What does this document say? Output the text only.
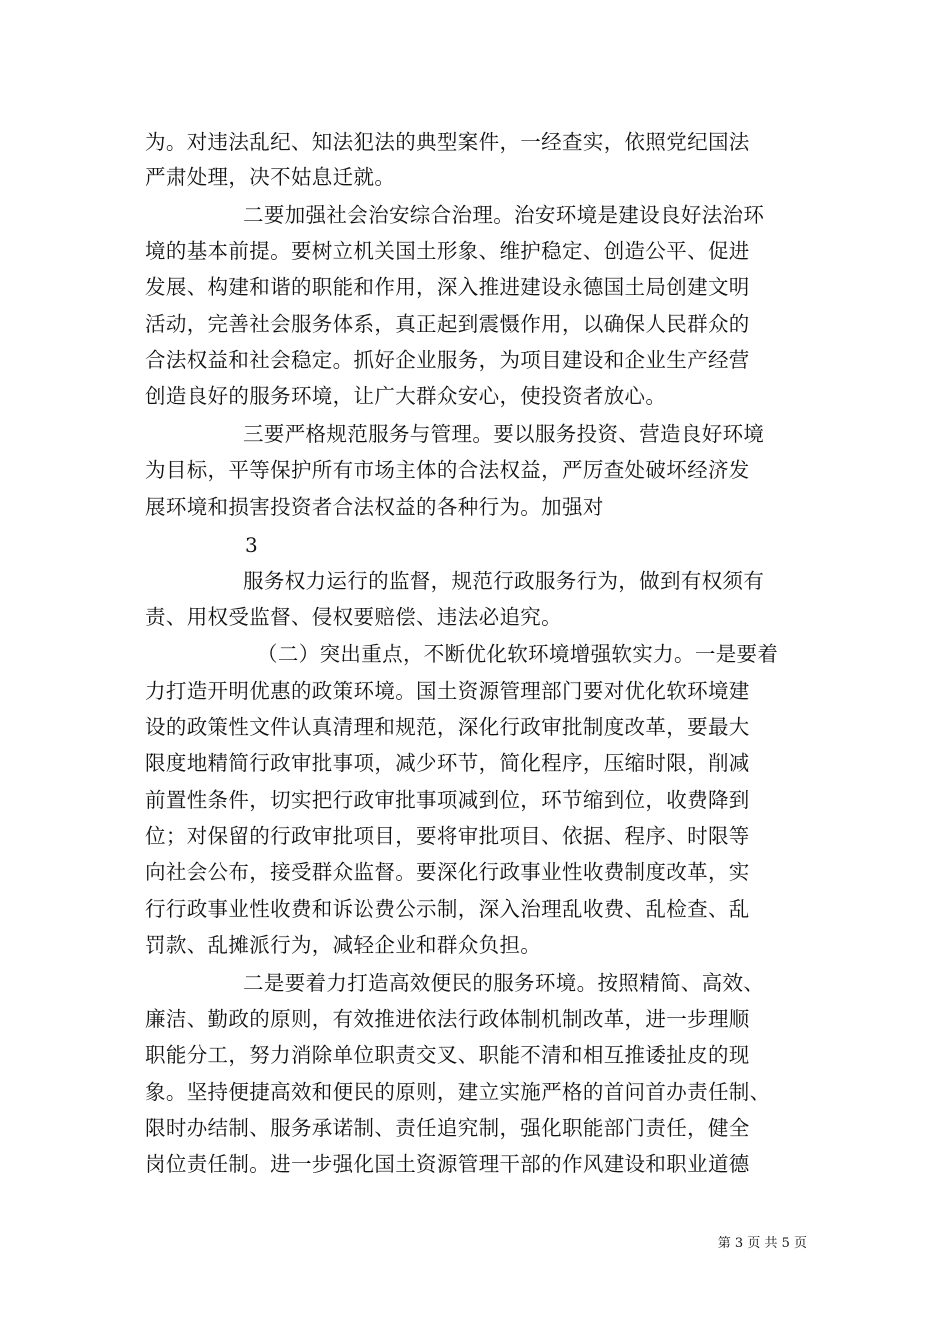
为。对违法乱纪、知法犯法的典型案件，一经查实，依照党纪国法
严肃处理，决不姑息迁就。
二要加强社会治安综合治理。治安环境是建设良好法治环
境的基本前提。要树立机关国土形象、维护稳定、创造公平、促进
发展、构建和谐的职能和作用，深入推进建设永德国土局创建文明
活动，完善社会服务体系，真正起到震慑作用，以确保人民群众的
合法权益和社会稳定。抓好企业服务，为项目建设和企业生产经营
创造良好的服务环境，让广大群众安心，使投资者放心。
三要严格规范服务与管理。要以服务投资、营造良好环境
为目标，平等保护所有市场主体的合法权益，严厉查处破坏经济发
展环境和损害投资者合法权益的各种行为。加强对
3
服务权力运行的监督，规范行政服务行为，做到有权须有
责、用权受监督、侵权要赔偿、违法必追究。
（二）突出重点，不断优化软环境增强软实力。一是要着
力打造开明优惠的政策环境。国土资源管理部门要对优化软环境建
设的政策性文件认真清理和规范，深化行政审批制度改革，要最大
限度地精简行政审批事项，减少环节，简化程序，压缩时限，削减
前置性条件，切实把行政审批事项减到位，环节缩到位，收费降到
位；对保留的行政审批项目，要将审批项目、依据、程序、时限等
向社会公布，接受群众监督。要深化行政事业性收费制度改革，实
行行政事业性收费和诉讼费公示制，深入治理乱收费、乱检查、乱
罚款、乱摊派行为，减轻企业和群众负担。
二是要着力打造高效便民的服务环境。按照精简、高效、
廉洁、勤政的原则，有效推进依法行政体制机制改革，进一步理顺
职能分工，努力消除单位职责交叉、职能不清和相互推诿扯皮的现
象。坚持便捷高效和便民的原则，建立实施严格的首问首办责任制、
限时办结制、服务承诺制、责任追究制，强化职能部门责任，健全
岗位责任制。进一步强化国土资源管理干部的作风建设和职业道德
第 3 页 共 5 页
